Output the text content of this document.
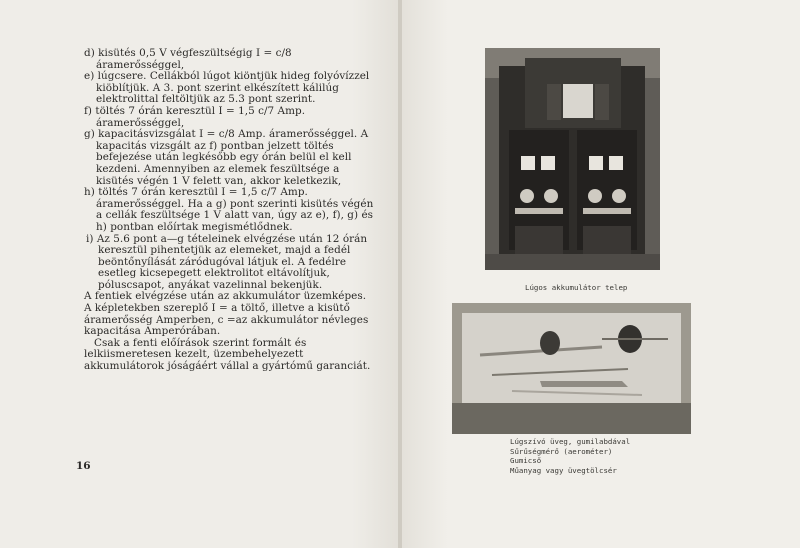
d) kisütés 0,5 V végfeszültségig I = c/8 áramerősséggel,

e) lúgcsere. Cellákból lúgot kiöntjük hideg folyóvízzel kiöblítjük. A 3. pont szerint elkészített kálilúg elektrolittal feltöltjük az 5.3 pont szerint.

f) töltés 7 órán keresztül I = 1,5 c/7 Amp. áramerősséggel,

g) kapacitásvizsgálat I = c/8 Amp. áramerősséggel. A kapacitás vizsgált az f) pontban jelzett töltés befejezése után legkésőbb egy órán belül el kell kezdeni. Amennyiben az elemek feszültsége a kisütés végén 1 V felett van, akkor keletkezik,

h) töltés 7 órán keresztül I = 1,5 c/7 Amp. áramerősséggel. Ha a g) pont szerinti kisütés végén a cellák feszültsége 1 V alatt van, úgy az e), f), g) és h) pontban előírtak megismétlődnek.

i) Az 5.6 pont a—g tételeinek elvégzése után 12 órán keresztül pihentetjük az elemeket, majd a fedél beöntőnyílását záródugóval látjuk el. A fedélre esetleg kicsepegett elektrolitot eltávolítjuk, póluscsapot, anyákat vazelinnal bekenjük.

A fentiek elvégzése után az akkumulátor üzemképes.

A képletekben szereplő I = a töltő, illetve a kisütő áramerősség Amperben, c =az akkumulátor névleges kapacitása Amperórában.

Csak a fenti előírások szerint formált és lelkiismeretesen kezelt, üzembehelyezett akkumulátorok jóságáért vállal a gyártómű garanciát.

16
Lúgos akkumulátor telep

Lúgszívó üveg, gumilabdával

Sűrűségmérő (aerométer)

Gumicső

Műanyag vagy üvegtölcsér
